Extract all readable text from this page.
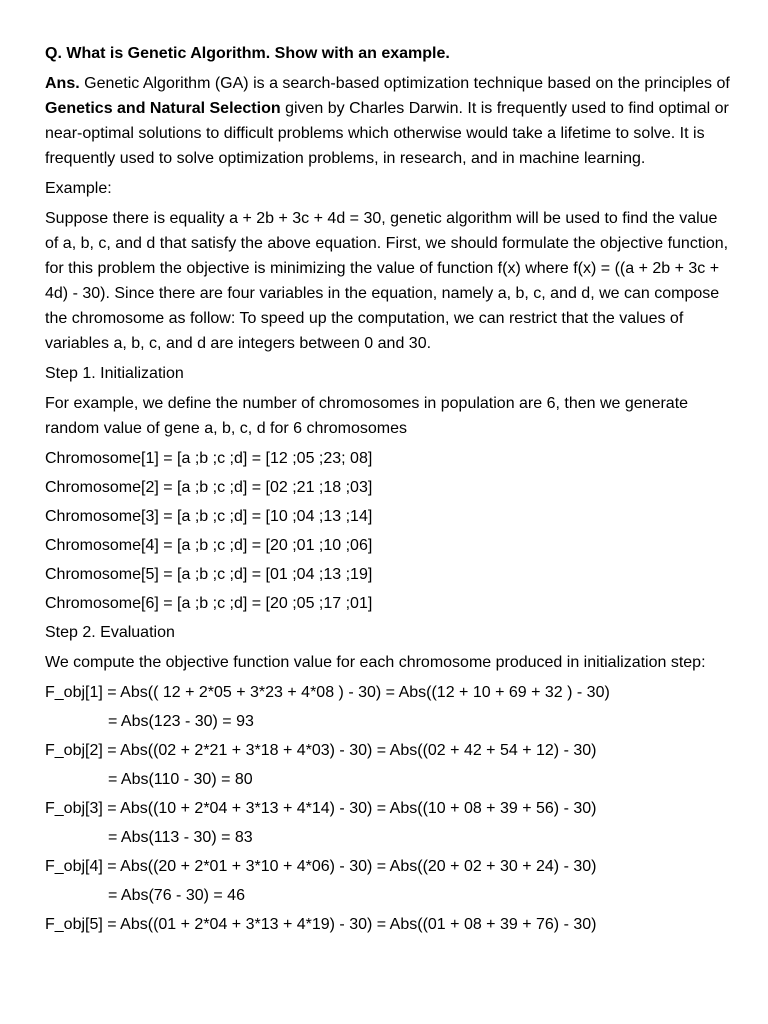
Q. What is Genetic Algorithm. Show with an example.
Ans. Genetic Algorithm (GA) is a search-based optimization technique based on the principles of Genetics and Natural Selection given by Charles Darwin. It is frequently used to find optimal or near-optimal solutions to difficult problems which otherwise would take a lifetime to solve. It is frequently used to solve optimization problems, in research, and in machine learning.
Example:
Suppose there is equality a + 2b + 3c + 4d = 30, genetic algorithm will be used to find the value of a, b, c, and d that satisfy the above equation. First, we should formulate the objective function, for this problem the objective is minimizing the value of function f(x) where f(x) = ((a + 2b + 3c + 4d) - 30). Since there are four variables in the equation, namely a, b, c, and d, we can compose the chromosome as follow: To speed up the computation, we can restrict that the values of variables a, b, c, and d are integers between 0 and 30.
Step 1. Initialization
For example, we define the number of chromosomes in population are 6, then we generate random value of gene a, b, c, d for 6 chromosomes
Chromosome[1] = [a ;b ;c ;d] = [12 ;05 ;23; 08]
Chromosome[2] = [a ;b ;c ;d] = [02 ;21 ;18 ;03]
Chromosome[3] = [a ;b ;c ;d] = [10 ;04 ;13 ;14]
Chromosome[4] = [a ;b ;c ;d] = [20 ;01 ;10 ;06]
Chromosome[5] = [a ;b ;c ;d] = [01 ;04 ;13 ;19]
Chromosome[6] = [a ;b ;c ;d] = [20 ;05 ;17 ;01]
Step 2. Evaluation
We compute the objective function value for each chromosome produced in initialization step:
F_obj[1] = Abs(( 12 + 2*05 + 3*23 + 4*08 ) - 30) = Abs((12 + 10 + 69 + 32 ) - 30)
= Abs(123 - 30) = 93
F_obj[2] = Abs((02 + 2*21 + 3*18 + 4*03) - 30) = Abs((02 + 42 + 54 + 12) - 30)
= Abs(110 - 30) = 80
F_obj[3] = Abs((10 + 2*04 + 3*13 + 4*14) - 30) = Abs((10 + 08 + 39 + 56) - 30)
= Abs(113 - 30) = 83
F_obj[4] = Abs((20 + 2*01 + 3*10 + 4*06) - 30) = Abs((20 + 02 + 30 + 24) - 30)
= Abs(76 - 30) = 46
F_obj[5] = Abs((01 + 2*04 + 3*13 + 4*19) - 30) = Abs((01 + 08 + 39 + 76) - 30)
